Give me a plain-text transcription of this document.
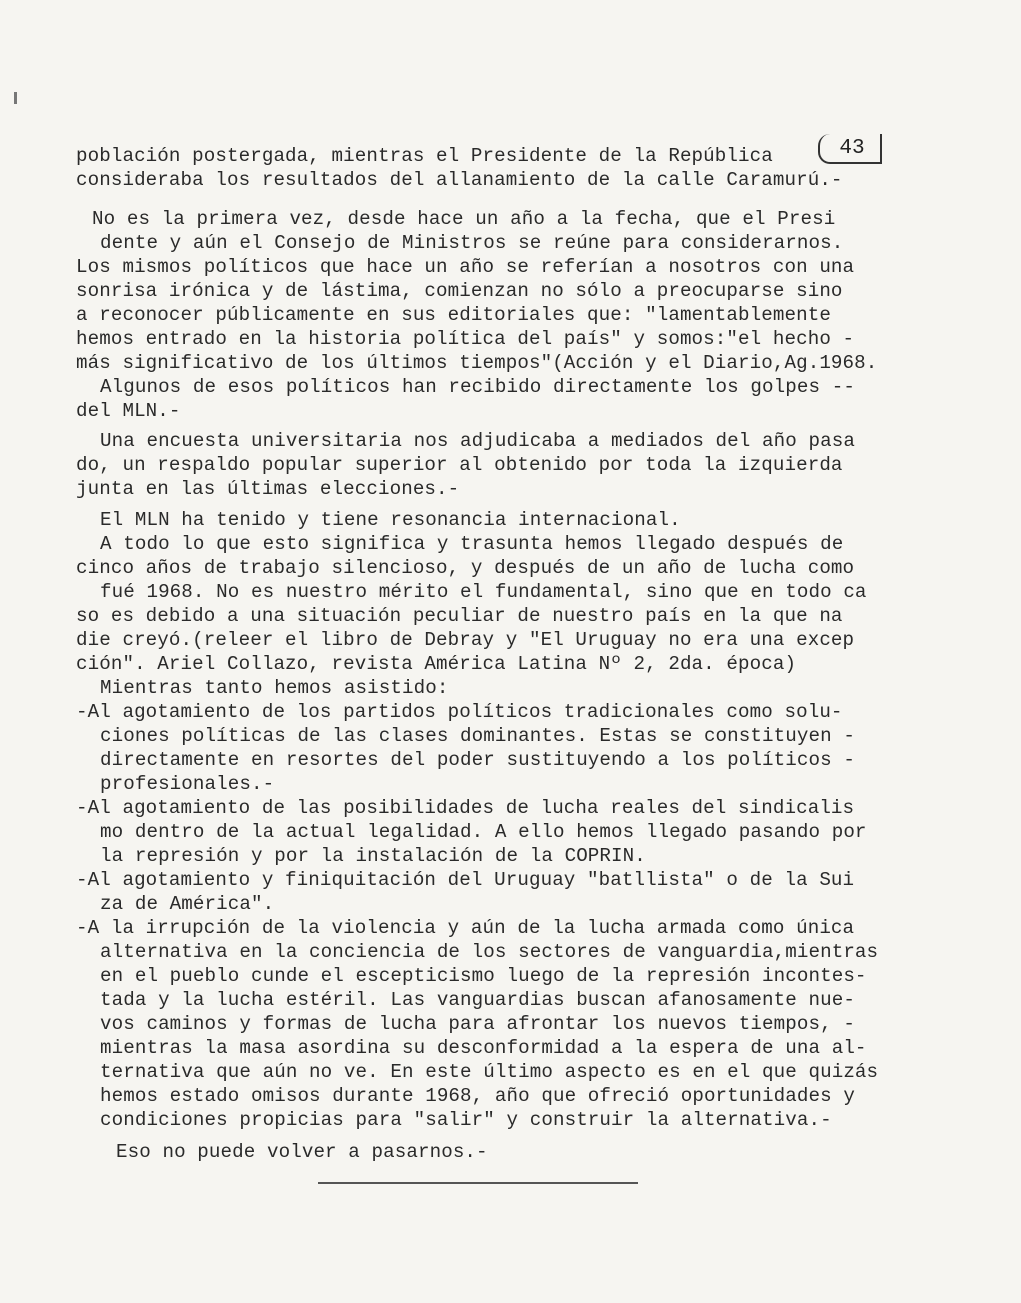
43
población postergada, mientras el Presidente de la República
consideraba los resultados del allanamiento de la calle Caramurú.-
No es la primera vez, desde hace un año a la fecha, que el Presi
dente y aún el Consejo de Ministros se reúne para considerarnos.
Los mismos políticos que hace un año se referían a nosotros con una
sonrisa irónica y de lástima, comienzan no sólo a preocuparse sino
a reconocer públicamente en sus editoriales que: "lamentablemente
hemos entrado en la historia política del país" y somos:"el hecho -
más significativo de los últimos tiempos"(Acción y el Diario,Ag.1968.
Algunos de esos políticos han recibido directamente los golpes --
del MLN.-
Una encuesta universitaria nos adjudicaba a mediados del año pasa
do, un respaldo popular superior al obtenido por toda la izquierda
junta en las últimas elecciones.-
El MLN ha tenido y tiene resonancia internacional.
A todo lo que esto significa y trasunta hemos llegado después de
cinco años de trabajo silencioso, y después de un año de lucha como
fué 1968. No es nuestro mérito el fundamental, sino que en todo ca
so es debido a una situación peculiar de nuestro país en la que na
die creyó.(releer el libro de Debray y "El Uruguay no era una excep
ción". Ariel Collazo, revista América Latina Nº 2, 2da. época)
Mientras tanto hemos asistido:
-Al agotamiento de los partidos políticos tradicionales como solu-
ciones políticas de las clases dominantes. Estas se constituyen -
directamente en resortes del poder sustituyendo a los políticos -
profesionales.-
-Al agotamiento de las posibilidades de lucha reales del sindicalis
mo dentro de la actual legalidad. A ello hemos llegado pasando por
la represión y por la instalación de la COPRIN.
-Al agotamiento y finiquitación del Uruguay "batllista" o de la Sui
za de América".
-A la irrupción de la violencia y aún de la lucha armada como única
alternativa en la conciencia de los sectores de vanguardia,mientras
en el pueblo cunde el escepticismo luego de la represión incontes-
tada y la lucha estéril. Las vanguardias buscan afanosamente nue-
vos caminos y formas de lucha para afrontar los nuevos tiempos, -
mientras la masa asordina su desconformidad a la espera de una al-
ternativa que aún no ve. En este último aspecto es en el que quizás
hemos estado omisos durante 1968, año que ofreció oportunidades y
condiciones propicias para "salir" y construir la alternativa.-
Eso no puede volver a pasarnos.-
